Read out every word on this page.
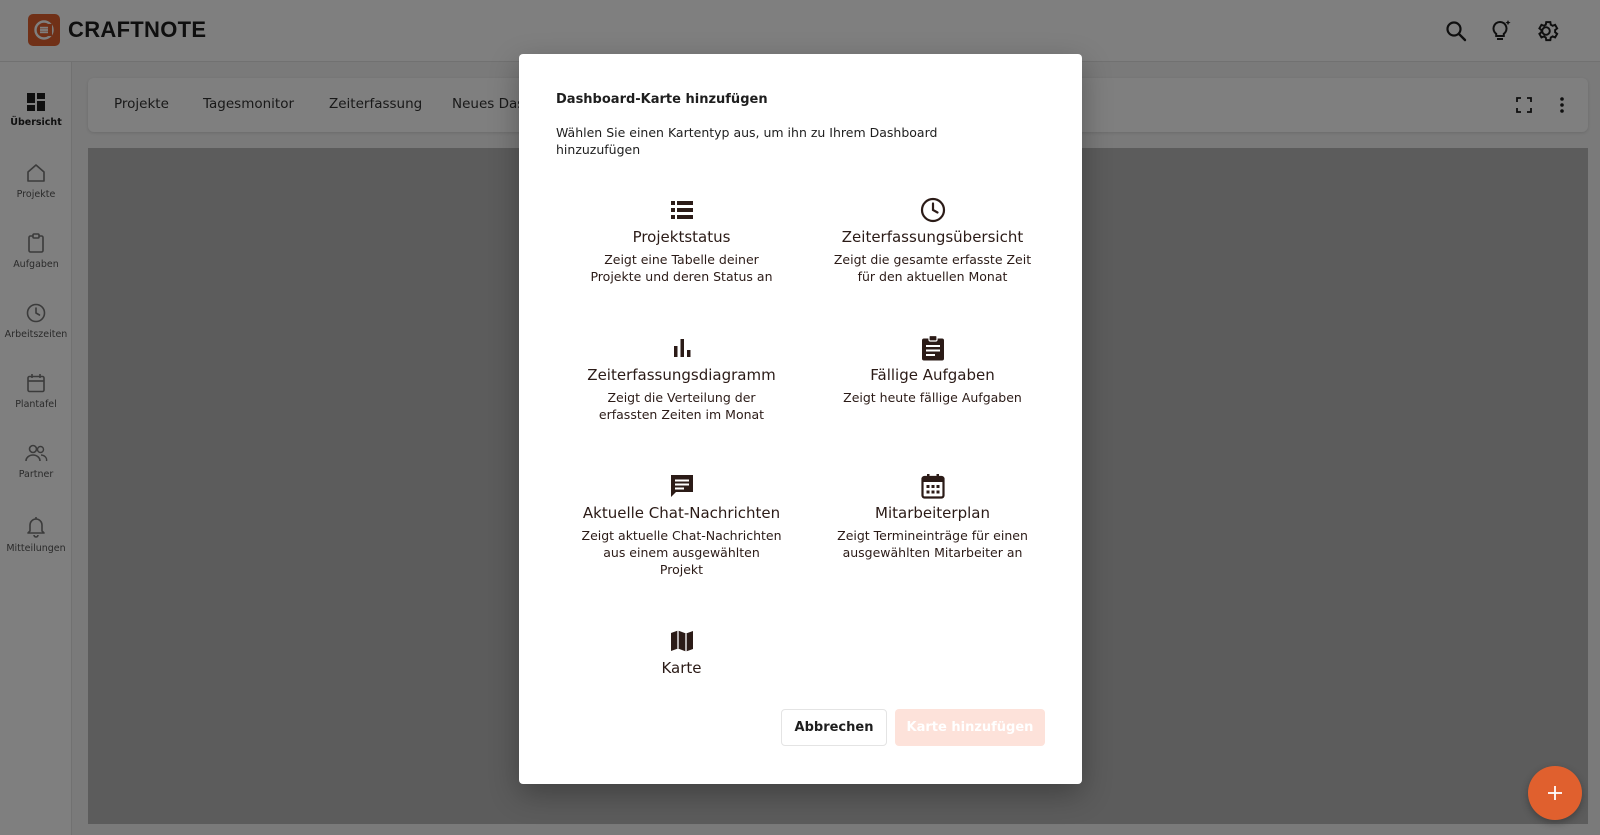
Dashboard-Karte hinzufügen
Wählen Sie einen Kartentyp aus, um ihn zu Ihrem Dashboard hinzuzufügen
Projektstatus
Zeigt eine Tabelle deiner Projekte und deren Status an
Zeiterfassungsübersicht
Zeigt die gesamte erfasste Zeit für den aktuellen Monat
Zeiterfassungsdiagramm
Zeigt die Verteilung der erfassten Zeiten im Monat
Fällige Aufgaben
Zeigt heute fällige Aufgaben
Aktuelle Chat-Nachrichten
Zeigt aktuelle Chat-Nachrichten aus einem ausgewählten Projekt
Mitarbeiterplan
Zeigt Termineinträge für einen ausgewählten Mitarbeiter an
Karte
Abbrechen	Karte hinzufügen
